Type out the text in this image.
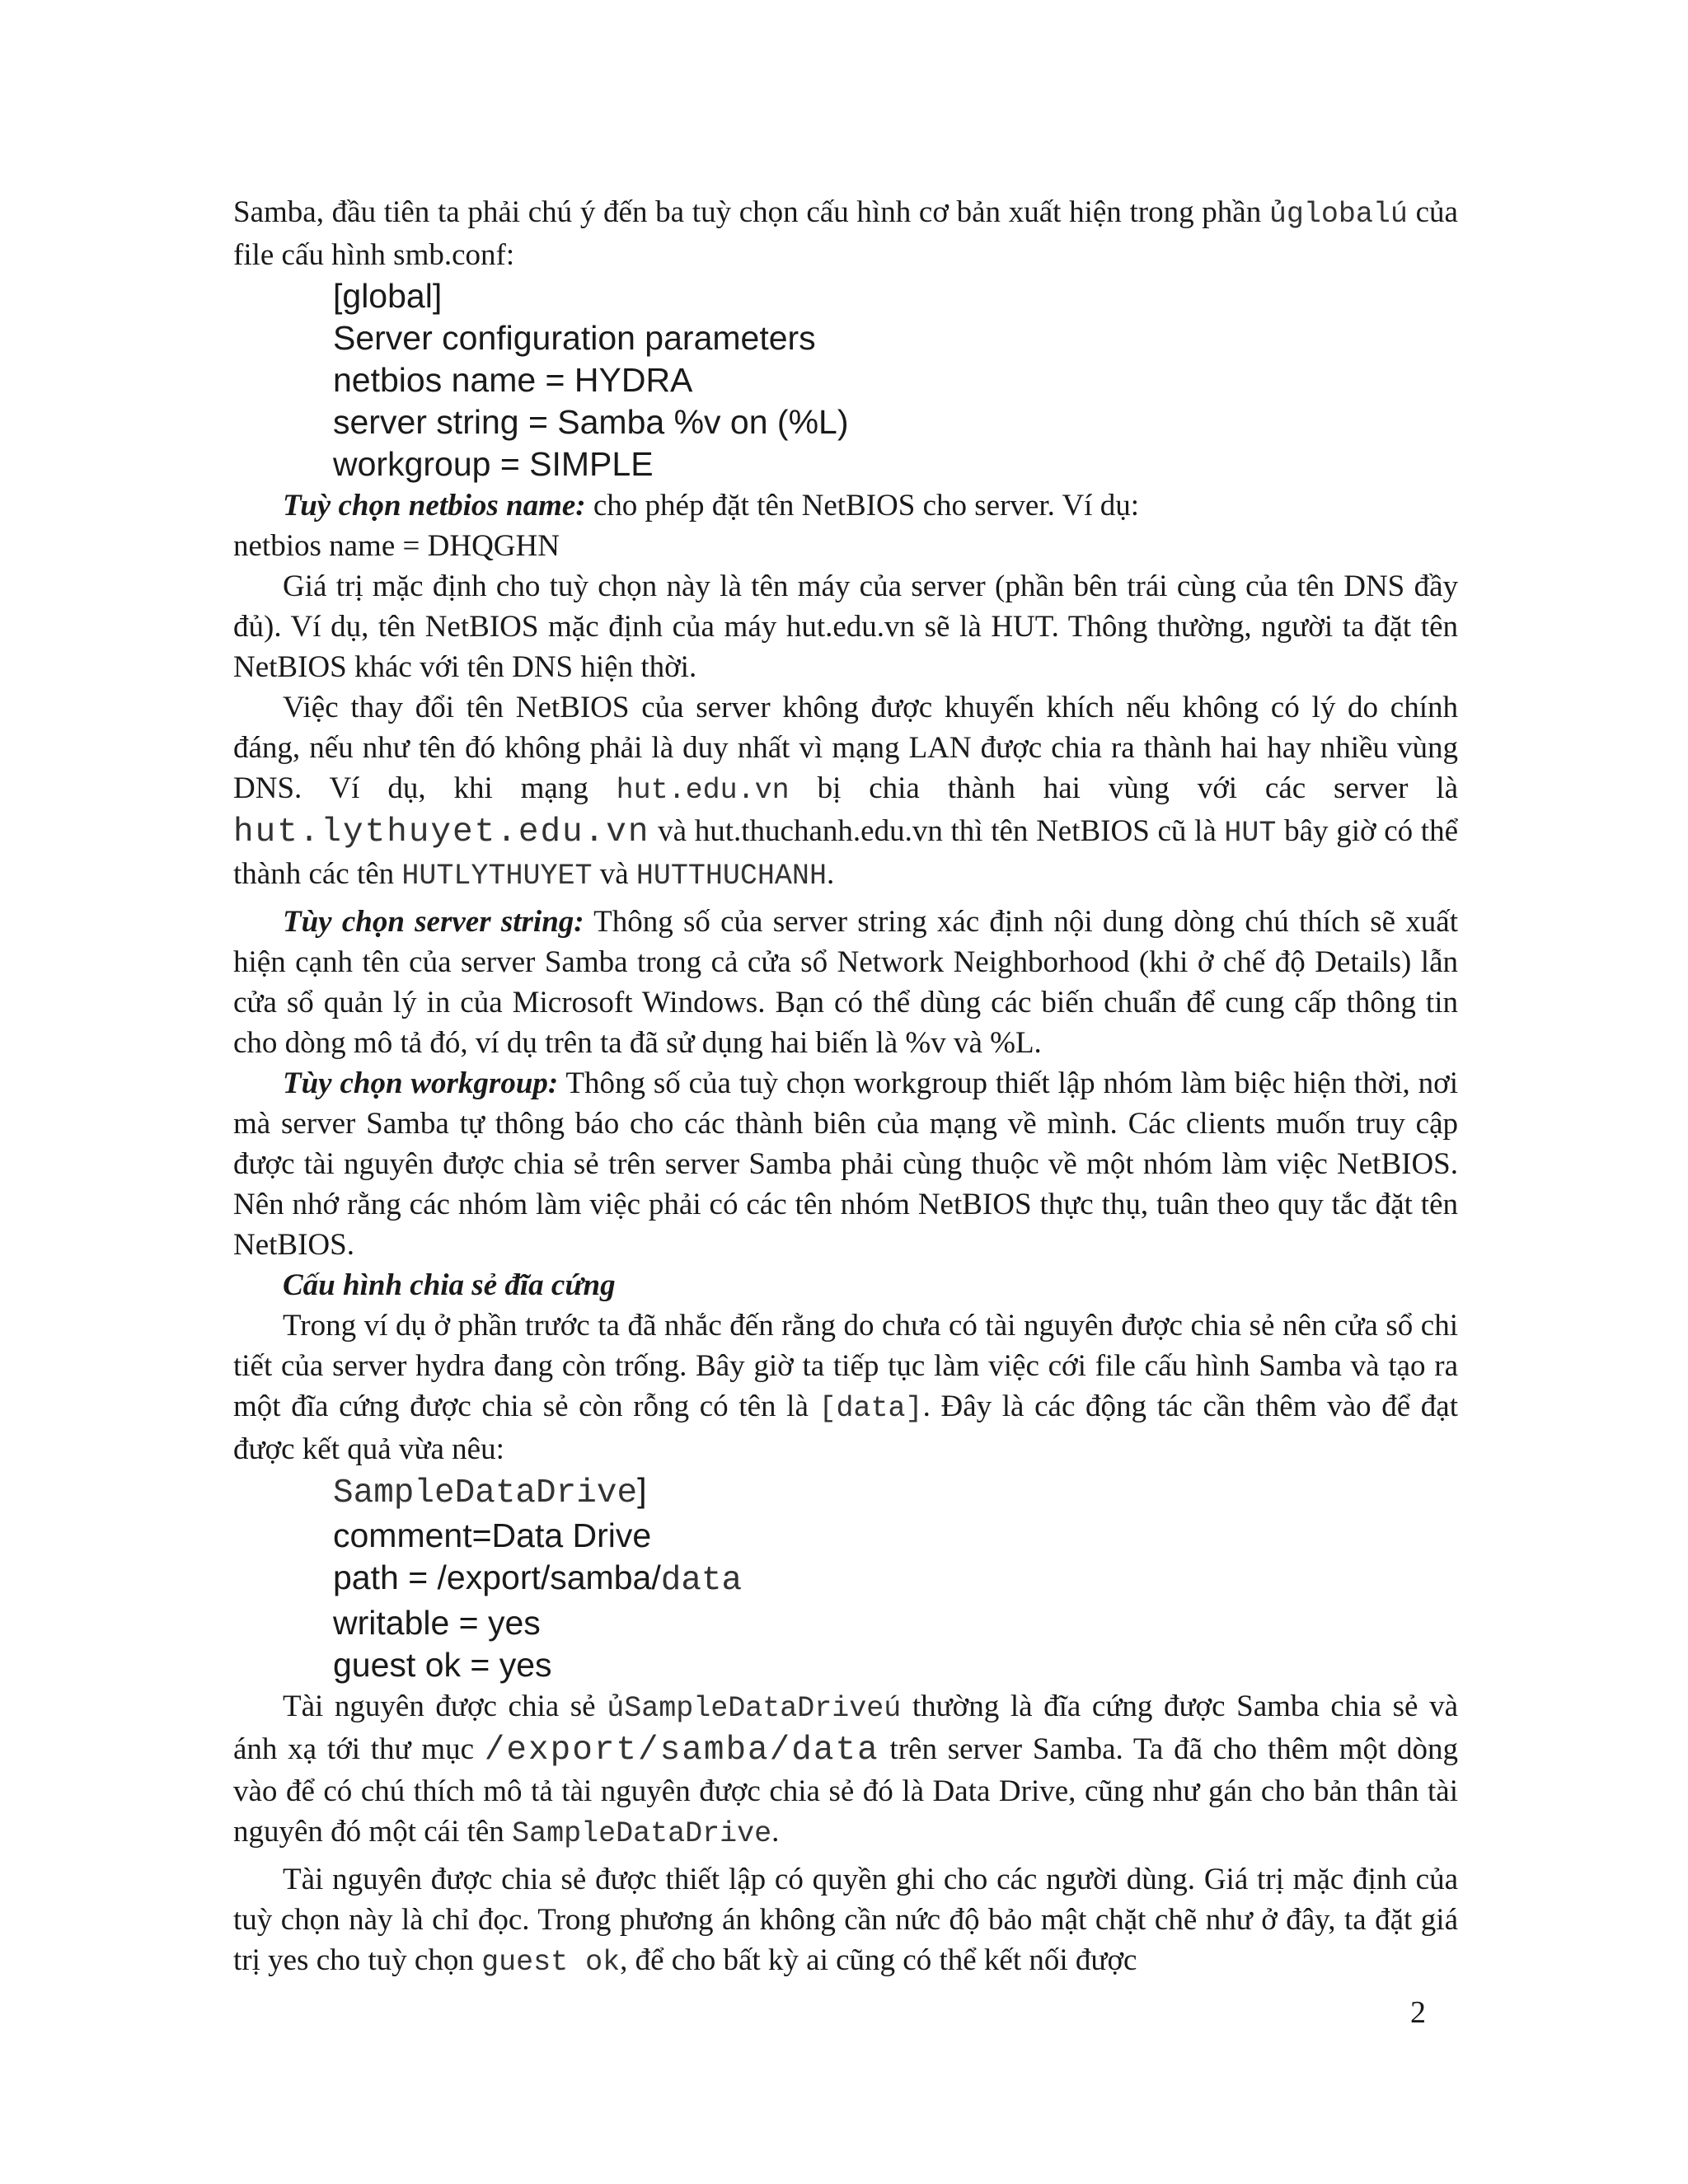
Samba, đầu tiên ta phải chú ý đến ba tuỳ chọn cấu hình cơ bản xuất hiện trong phần ủglobalú của file cấu hình smb.conf:

[global]
Server configuration parameters
netbios name = HYDRA
server string = Samba %v on (%L)
workgroup = SIMPLE

Tuỳ chọn netbios name: cho phép đặt tên NetBIOS cho server. Ví dụ:

netbios name = DHQGHN

Giá trị mặc định cho tuỳ chọn này là tên máy của server (phần bên trái cùng của tên DNS đầy đủ). Ví dụ, tên NetBIOS mặc định của máy hut.edu.vn sẽ là HUT. Thông thường, người ta đặt tên NetBIOS khác với tên DNS hiện thời.

Việc thay đổi tên NetBIOS của server không được khuyến khích nếu không có lý do chính đáng, nếu như tên đó không phải là duy nhất vì mạng LAN được chia ra thành hai hay nhiều vùng DNS. Ví dụ, khi mạng hut.edu.vn bị chia thành hai vùng với các server là hut.lythuyet.edu.vn và hut.thuchanh.edu.vn thì tên NetBIOS cũ là HUT bây giờ có thể thành các tên HUTLYTHUYET và HUTTHUCHANH.

Tùy chọn server string: Thông số của server string xác định nội dung dòng chú thích sẽ xuất hiện cạnh tên của server Samba trong cả cửa sổ Network Neighborhood (khi ở chế độ Details) lẫn cửa sổ quản lý in của Microsoft Windows. Bạn có thể dùng các biến chuẩn để cung cấp thông tin cho dòng mô tả đó, ví dụ trên ta đã sử dụng hai biến là %v và %L.

Tùy chọn workgroup: Thông số của tuỳ chọn workgroup thiết lập nhóm làm biệc hiện thời, nơi mà server Samba tự thông báo cho các thành biên của mạng về mình. Các clients muốn truy cập được tài nguyên được chia sẻ trên server Samba phải cùng thuộc về một nhóm làm việc NetBIOS. Nên nhớ rằng các nhóm làm việc phải có các tên nhóm NetBIOS thực thụ, tuân theo quy tắc đặt tên NetBIOS.

Cấu hình chia sẻ đĩa cứng

Trong ví dụ ở phần trước ta đã nhắc đến rằng do chưa có tài nguyên được chia sẻ nên cửa sổ chi tiết của server hydra đang còn trống. Bây giờ ta tiếp tục làm việc cới file cấu hình Samba và tạo ra một đĩa cứng được chia sẻ còn rỗng có tên là [data]. Đây là các động tác cần thêm vào để đạt được kết quả vừa nêu:

SampleDataDrive]
comment=Data Drive
path = /export/samba/data
writable = yes
guest ok = yes

Tài nguyên được chia sẻ ủSampleDataDriveú thường là đĩa cứng được Samba chia sẻ và ánh xạ tới thư mục /export/samba/data trên server Samba. Ta đã cho thêm một dòng vào để có chú thích mô tả tài nguyên được chia sẻ đó là Data Drive, cũng như gán cho bản thân tài nguyên đó một cái tên SampleDataDrive.

Tài nguyên được chia sẻ được thiết lập có quyền ghi cho các người dùng. Giá trị mặc định của tuỳ chọn này là chỉ đọc. Trong phương án không cần nức độ bảo mật chặt chẽ như ở đây, ta đặt giá trị yes cho tuỳ chọn guest ok, để cho bất kỳ ai cũng có thể kết nối được

2
